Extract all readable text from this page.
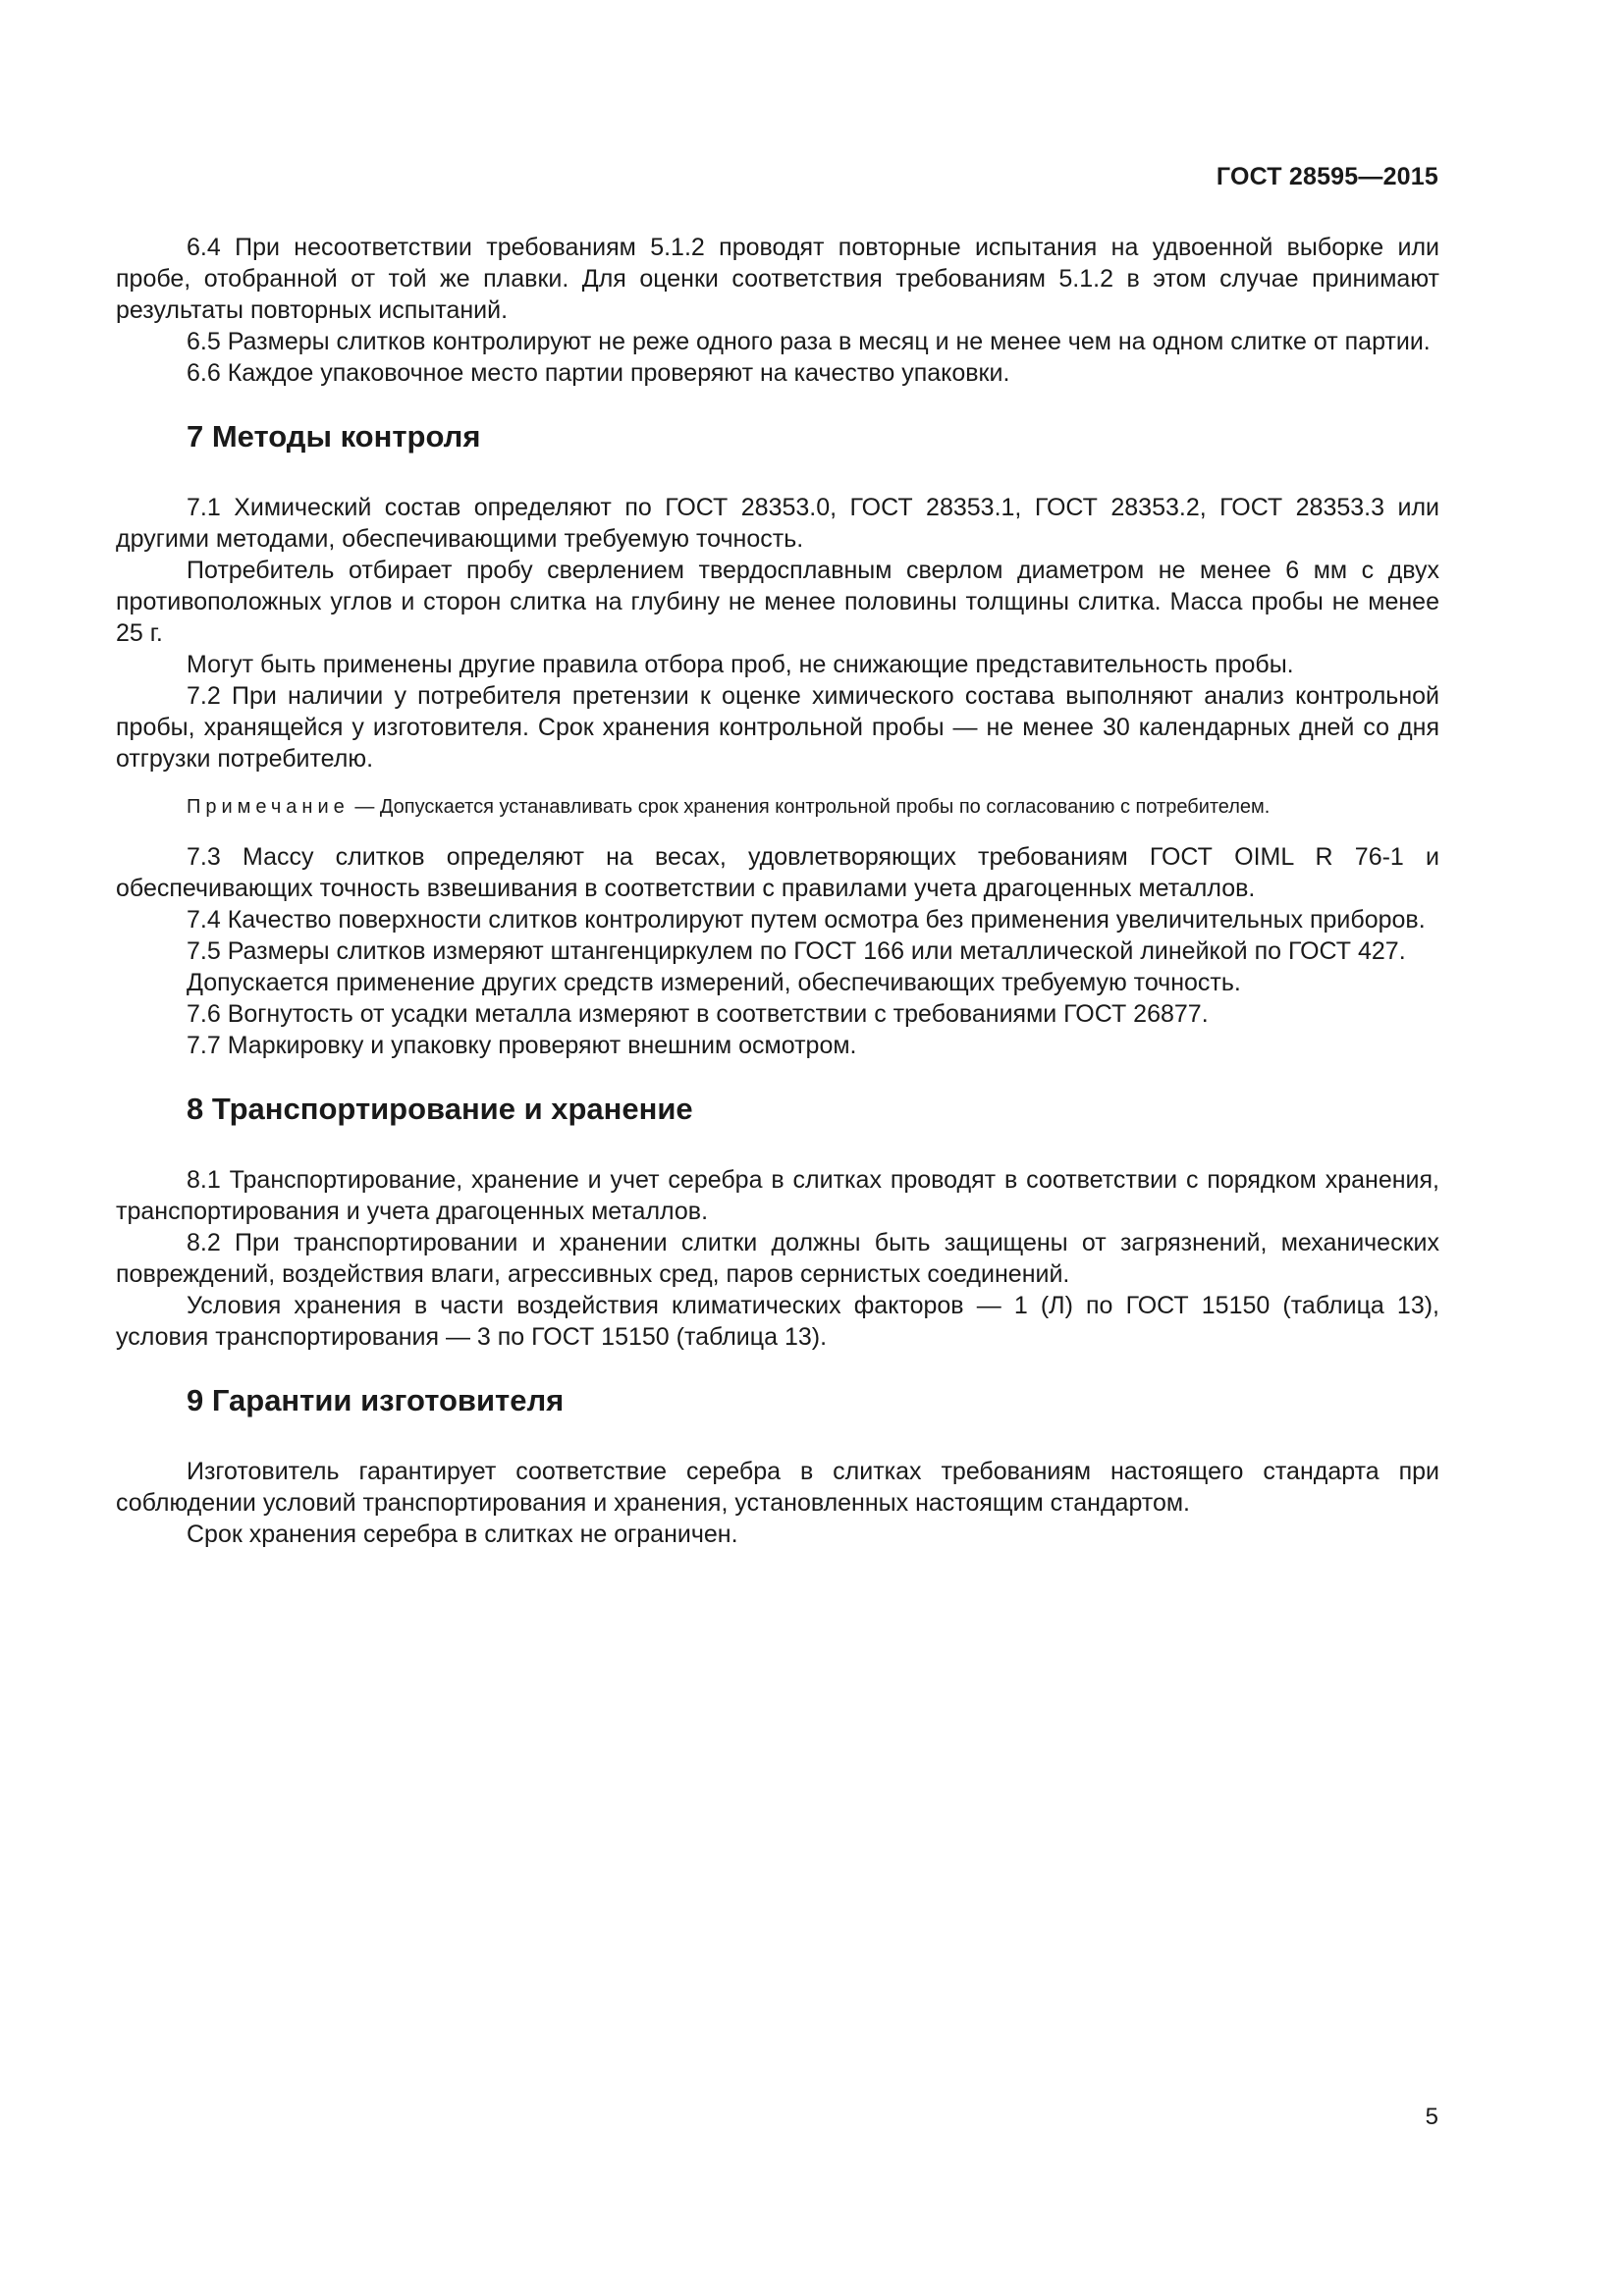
ГОСТ 28595—2015

6.4 При несоответствии требованиям 5.1.2 проводят повторные испытания на удвоенной выборке или пробе, отобранной от той же плавки. Для оценки соответствия требованиям 5.1.2 в этом случае принимают результаты повторных испытаний.

6.5 Размеры слитков контролируют не реже одного раза в месяц и не менее чем на одном слитке от партии.

6.6 Каждое упаковочное место партии проверяют на качество упаковки.

7 Методы контроля

7.1 Химический состав определяют по ГОСТ 28353.0, ГОСТ 28353.1, ГОСТ 28353.2, ГОСТ 28353.3 или другими методами, обеспечивающими требуемую точность.

Потребитель отбирает пробу сверлением твердосплавным сверлом диаметром не менее 6 мм с двух противоположных углов и сторон слитка на глубину не менее половины толщины слитка. Масса пробы не менее 25 г.

Могут быть применены другие правила отбора проб, не снижающие представительность пробы.

7.2 При наличии у потребителя претензии к оценке химического состава выполняют анализ контрольной пробы, хранящейся у изготовителя. Срок хранения контрольной пробы — не менее 30 календарных дней со дня отгрузки потребителю.

Примечание — Допускается устанавливать срок хранения контрольной пробы по согласованию с потребителем.

7.3 Массу слитков определяют на весах, удовлетворяющих требованиям ГОСТ OIML R 76-1 и обеспечивающих точность взвешивания в соответствии с правилами учета драгоценных металлов.

7.4 Качество поверхности слитков контролируют путем осмотра без применения увеличительных приборов.

7.5 Размеры слитков измеряют штангенциркулем по ГОСТ 166 или металлической линейкой по ГОСТ 427.

Допускается применение других средств измерений, обеспечивающих требуемую точность.

7.6 Вогнутость от усадки металла измеряют в соответствии с требованиями ГОСТ 26877.

7.7 Маркировку и упаковку проверяют внешним осмотром.

8 Транспортирование и хранение

8.1 Транспортирование, хранение и учет серебра в слитках проводят в соответствии с порядком хранения, транспортирования и учета драгоценных металлов.

8.2 При транспортировании и хранении слитки должны быть защищены от загрязнений, механических повреждений, воздействия влаги, агрессивных сред, паров сернистых соединений.

Условия хранения в части воздействия климатических факторов — 1 (Л) по ГОСТ 15150 (таблица 13), условия транспортирования — 3 по ГОСТ 15150 (таблица 13).

9 Гарантии изготовителя

Изготовитель гарантирует соответствие серебра в слитках требованиям настоящего стандарта при соблюдении условий транспортирования и хранения, установленных настоящим стандартом.

Срок хранения серебра в слитках не ограничен.

5
